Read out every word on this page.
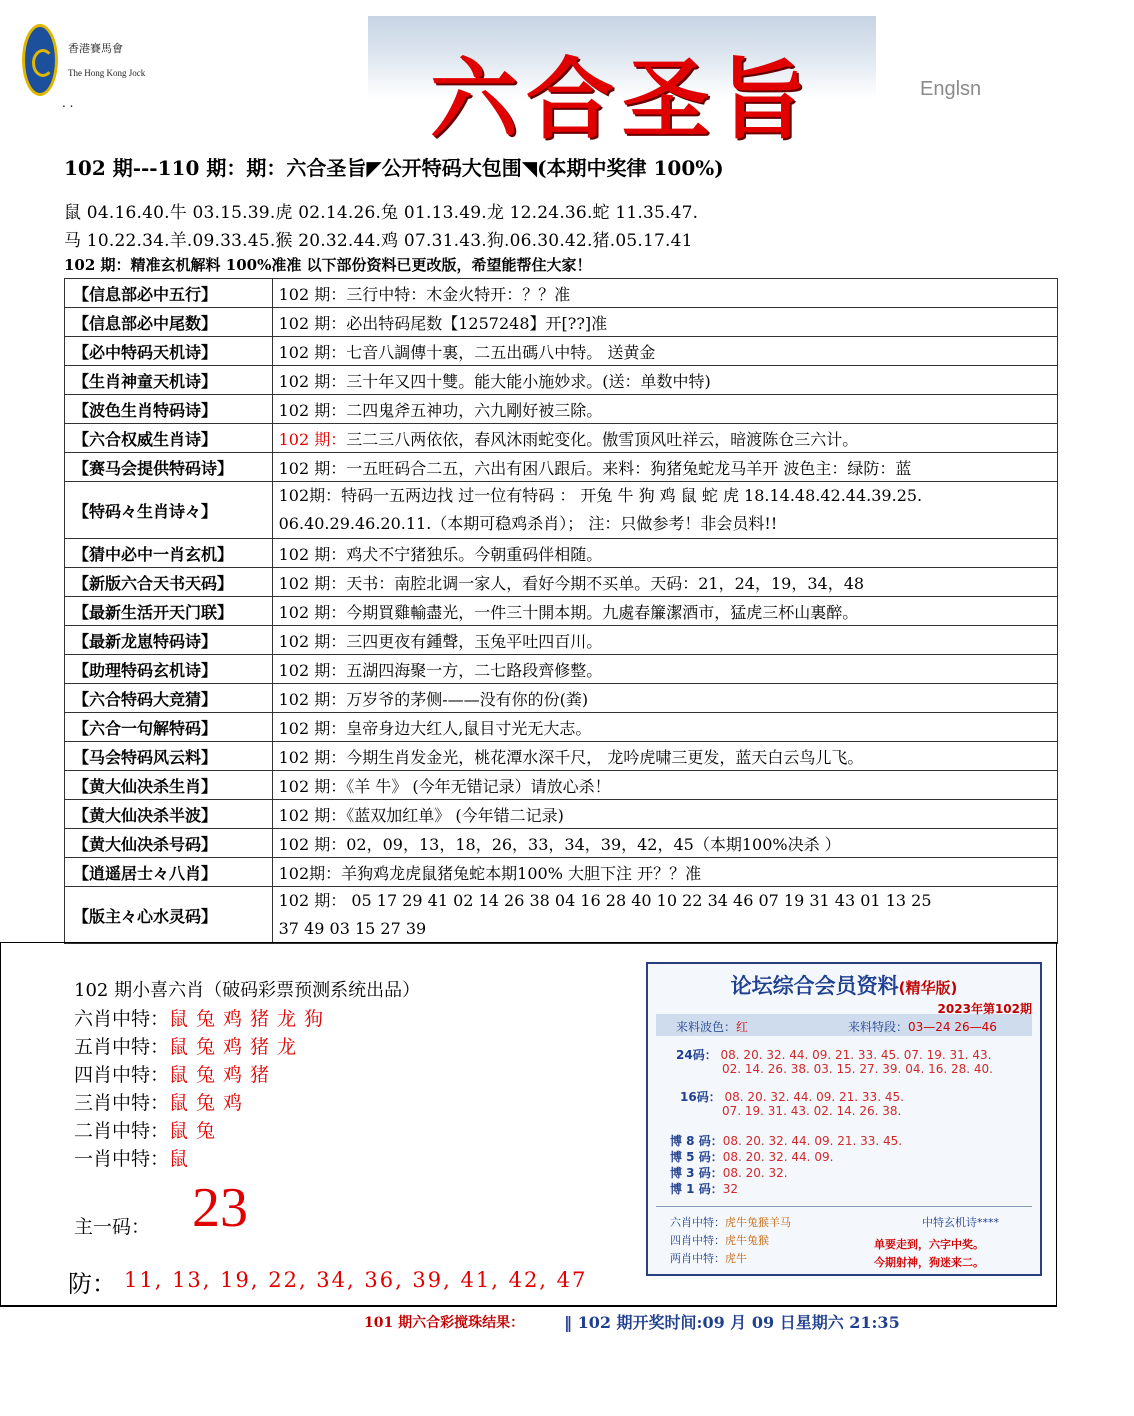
香港賽馬會
The Hong Kong Jock
. .	六合圣旨	Englsn
102 期---110 期：期：六合圣旨◤公开特码大包围◥(本期中奖律 100%)
鼠 04.16.40.牛 03.15.39.虎 02.14.26.兔 01.13.49.龙 12.24.36.蛇 11.35.47.
马 10.22.34.羊.09.33.45.猴 20.32.44.鸡 07.31.43.狗.06.30.42.猪.05.17.41
102 期：精准玄机解料 100%准准 以下部份资料已更改版，希望能帮住大家！
【信息部必中五行】	102 期：三行中特：木金火特开：？？准
【信息部必中尾数】	102 期：必出特码尾数【1257248】开[??]准
【必中特码天机诗】	102 期：七音八調傳十裏，二五出碼八中特。 送黄金
【生肖神童天机诗】	102 期：三十年又四十雙。能大能小施妙求。(送：单数中特)
【波色生肖特码诗】	102 期：二四鬼斧五神功，六九剛好被三除。
【六合权威生肖诗】	102 期：三二三八两依依，春风沐雨蛇变化。傲雪顶风吐祥云，暗渡陈仓三六计。
【赛马会提供特码诗】	102 期：一五旺码合二五，六出有困八跟后。来料：狗猪兔蛇龙马羊开 波色主：绿防：蓝
【特码々生肖诗々】	102期：特码一五两边找 过一位有特码 ： 开兔 牛 狗 鸡 鼠 蛇 虎 18.14.48.42.44.39.25.
06.40.29.46.20.11.（本期可稳鸡杀肖）； 注：只做参考！非会员料!!

【猜中必中一肖玄机】	102 期：鸡犬不宁猪独乐。今朝重码伴相随。
【新版六合天书天码】	102 期：天书：南腔北调一家人，看好今期不买单。天码：21，24，19，34，48
【最新生活开天门联】	102 期：今期買雞輸盡光，一件三十開本期。九處春簾潔酒市，猛虎三杯山裏醉。
【最新龙崽特码诗】	102 期：三四更夜有鍾聲，玉兔平吐四百川。
【助理特码玄机诗】	102 期：五湖四海聚一方，二七路段齊修整。
【六合特码大竞猜】	102 期：万岁爷的茅侧-——没有你的份(粪)
【六合一句解特码】	102 期：皇帝身边大红人,鼠目寸光无大志。
【马会特码风云料】	102 期：今期生肖发金光，桃花潭水深千尺， 龙吟虎啸三更发，蓝天白云鸟儿飞。
【黄大仙决杀生肖】	102 期：《羊 牛》 (今年无错记录）请放心杀！
【黄大仙决杀半波】	102 期：《蓝双加红单》 (今年错二记录)
【黄大仙决杀号码】	102 期：02，09，13，18，26，33，34，39，42，45（本期100%决杀 ）
【逍遥居士々八肖】	102期：羊狗鸡龙虎鼠猪兔蛇本期100% 大胆下注 开？？准
【版主々心水灵码】	102 期： 05 17 29 41 02 14 26 38 04 16 28 40 10 22 34 46 07 19 31 43 01 13 25
37 49 03 15 27 39
102 期小喜六肖（破码彩票预测系统出品）
六肖中特：鼠兔鸡猪龙狗
五肖中特：鼠兔鸡猪龙
四肖中特：鼠兔鸡猪
三肖中特：鼠兔鸡
二肖中特：鼠兔
一肖中特：鼠
主一码： 23
防： 11, 13, 19, 22, 34, 36, 39, 41, 42, 47
论坛综合会员资料(精华版)
2023年第102期
来料波色：红	来料特段：03—24 26—46
24码： 08. 20. 32. 44. 09. 21. 33. 45. 07. 19. 31. 43.
02. 14. 26. 38. 03. 15. 27. 39. 04. 16. 28. 40.
16码： 08. 20. 32. 44. 09. 21. 33. 45.
07. 19. 31. 43. 02. 14. 26. 38.
博 8 码：08. 20. 32. 44. 09. 21. 33. 45.
博 5 码：08. 20. 32. 44. 09.
博 3 码：08. 20. 32.
博 1 码：32
六肖中特：虎牛兔猴羊马
四肖中特：虎牛兔猴
两肖中特：虎牛
中特玄机诗****
单要走到，六字中奖。
今期射神，狗迷来二。
101 期六合彩搅珠结果： ‖ 102 期开奖时间:09 月 09 日星期六 21:35
